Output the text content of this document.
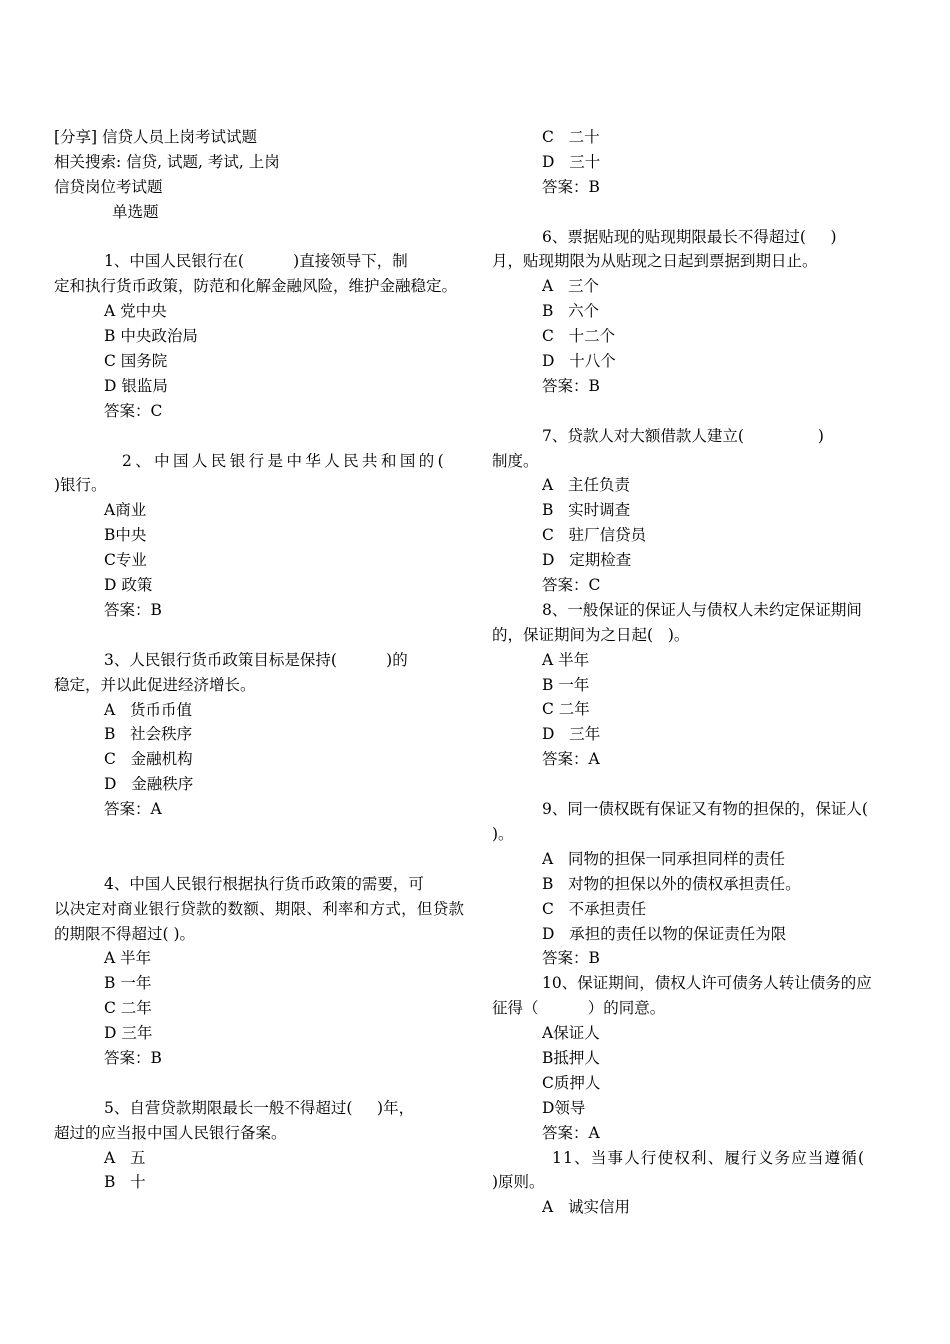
[分享] 信贷人员上岗考试试题
相关搜索: 信贷, 试题, 考试, 上岗
信贷岗位考试题
单选题
1、中国人民银行在(          )直接领导下，制
定和执行货币政策，防范和化解金融风险，维护金融稳定。
A 党中央
B 中央政治局
C 国务院
D 银监局
答案：C
2、中国人民银行是中华人民共和国的(
)银行。
A商业
B中央
C专业
D 政策
答案：B
3、人民银行货币政策目标是保持(          )的
稳定，并以此促进经济增长。
A   货币币值
B   社会秩序
C   金融机构
D   金融秩序
答案：A
4、中国人民银行根据执行货币政策的需要，可
以决定对商业银行贷款的数额、期限、利率和方式，但贷款的期限不得超过( )。
A 半年
B 一年
C 二年
D 三年
答案：B
5、自营贷款期限最长一般不得超过(     )年，
超过的应当报中国人民银行备案。
A   五
B   十
C   二十
D   三十
答案：B
6、票据贴现的贴现期限最长不得超过(     )
月，贴现期限为从贴现之日起到票据到期日止。
A   三个
B   六个
C   十二个
D   十八个
答案：B
7、贷款人对大额借款人建立(               )
制度。
A   主任负责
B   实时调查
C   驻厂信贷员
D   定期检查
答案：C
8、一般保证的保证人与债权人未约定保证期间
的，保证期间为之日起(   )。
A 半年
B 一年
C 二年
D   三年
答案：A
9、同一债权既有保证又有物的担保的，保证人(
)。
A   同物的担保一同承担同样的责任
B   对物的担保以外的债权承担责任。
C   不承担责任
D   承担的责任以物的保证责任为限
答案：B
10、保证期间，债权人许可债务人转让债务的应
征得（          ）的同意。
A保证人
B抵押人
C质押人
D领导
答案：A
11、当事人行使权利、履行义务应当遵循(
)原则。
A   诚实信用
